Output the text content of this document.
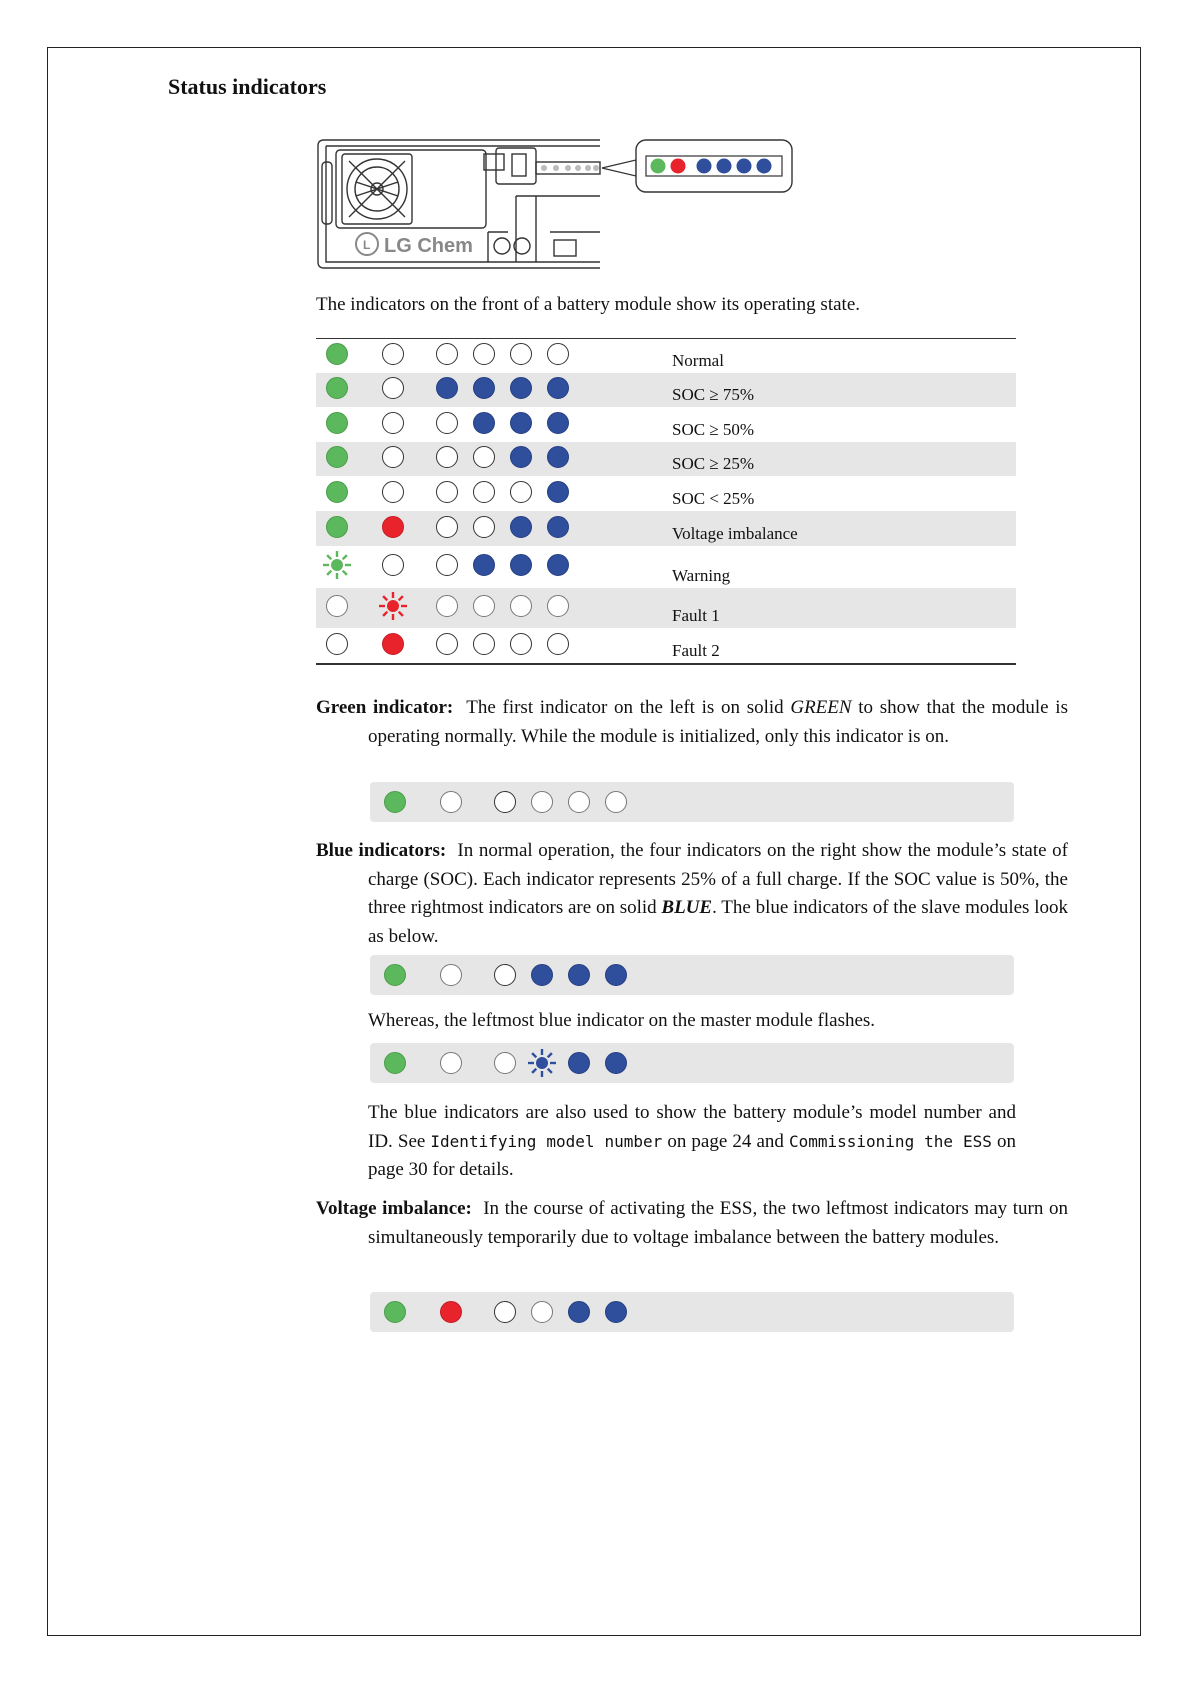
Status indicators
L LG Chem

The indicators on the front of a battery module show its operating state.

Normal
SOC ≥ 75%
SOC ≥ 50%
SOC ≥ 25%
SOC < 25%
Voltage imbalance
Warning
Fault 1
Fault 2

Green indicator: The first indicator on the left is on solid GREEN to show that the module is operating normally. While the module is initialized, only this indicator is on.

Blue indicators: In normal operation, the four indicators on the right show the module’s state of charge (SOC). Each indicator represents 25% of a full charge. If the SOC value is 50%, the three rightmost indicators are on solid BLUE. The blue indicators of the slave modules look as below.

Whereas, the leftmost blue indicator on the master module flashes.

The blue indicators are also used to show the battery module’s model number and ID. See Identifying model number on page 24 and Commissioning the ESS on page 30 for details.

Voltage imbalance: In the course of activating the ESS, the two leftmost indicators may turn on simultaneously temporarily due to voltage imbalance between the battery modules.
